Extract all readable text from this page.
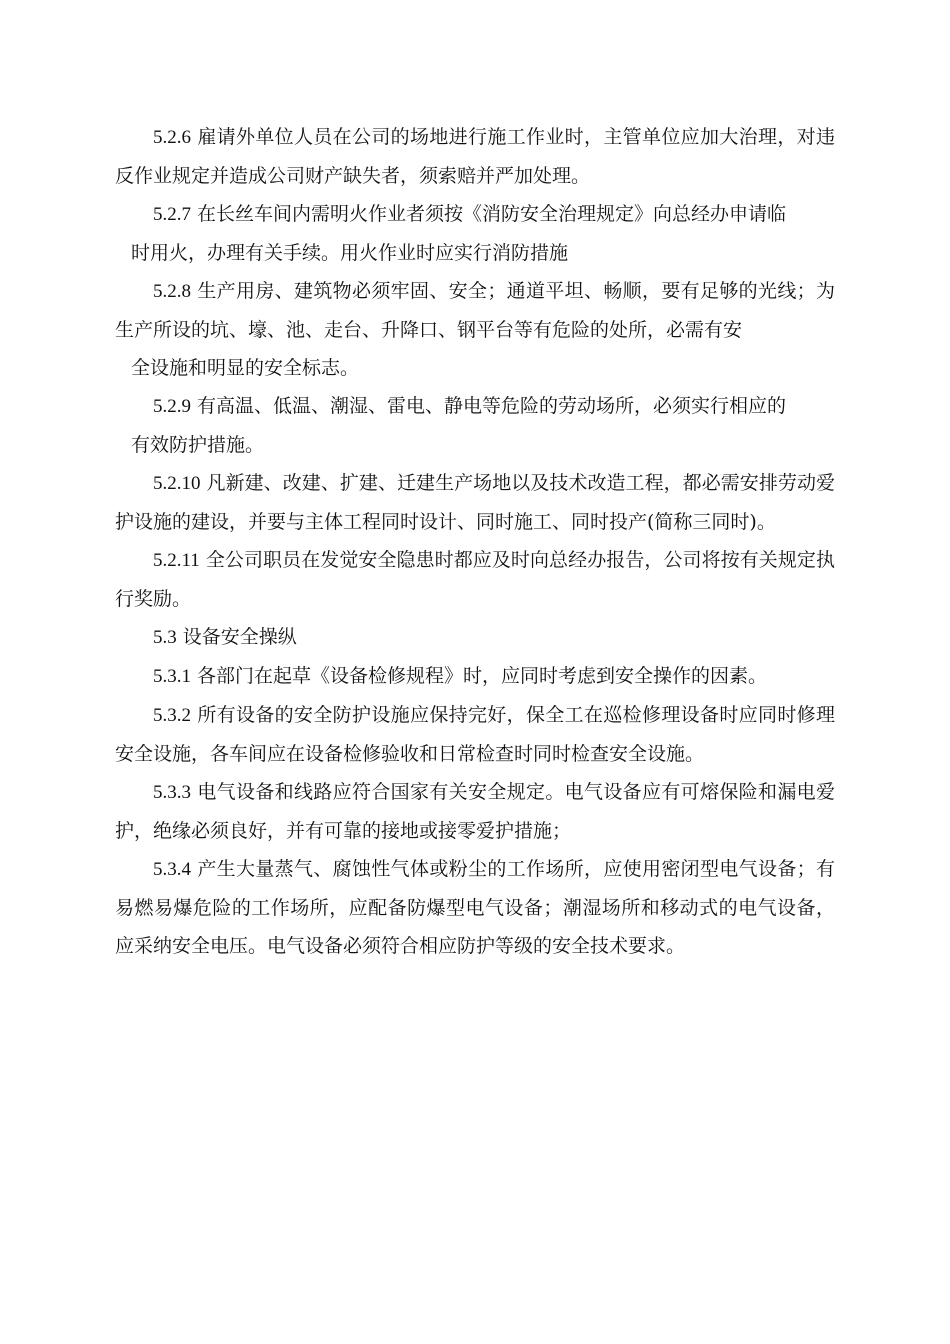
5.2.6 雇请外单位人员在公司的场地进行施工作业时，主管单位应加大治理，对违反作业规定并造成公司财产缺失者，须索赔并严加处理。

5.2.7 在长丝车间内需明火作业者须按《消防安全治理规定》向总经办申请临

时用火，办理有关手续。用火作业时应实行消防措施

5.2.8 生产用房、建筑物必须牢固、安全；通道平坦、畅顺，要有足够的光线；为生产所设的坑、壕、池、走台、升降口、钢平台等有危险的处所，必需有安

全设施和明显的安全标志。

5.2.9 有高温、低温、潮湿、雷电、静电等危险的劳动场所，必须实行相应的

有效防护措施。

5.2.10 凡新建、改建、扩建、迁建生产场地以及技术改造工程，都必需安排劳动爱护设施的建设，并要与主体工程同时设计、同时施工、同时投产(简称三同时)。

5.2.11 全公司职员在发觉安全隐患时都应及时向总经办报告，公司将按有关规定执行奖励。

5.3 设备安全操纵

5.3.1 各部门在起草《设备检修规程》时，应同时考虑到安全操作的因素。

5.3.2 所有设备的安全防护设施应保持完好，保全工在巡检修理设备时应同时修理安全设施，各车间应在设备检修验收和日常检查时同时检查安全设施。

5.3.3 电气设备和线路应符合国家有关安全规定。电气设备应有可熔保险和漏电爱护，绝缘必须良好，并有可靠的接地或接零爱护措施；

5.3.4 产生大量蒸气、腐蚀性气体或粉尘的工作场所，应使用密闭型电气设备；有易燃易爆危险的工作场所，应配备防爆型电气设备；潮湿场所和移动式的电气设备，应采纳安全电压。电气设备必须符合相应防护等级的安全技术要求。
